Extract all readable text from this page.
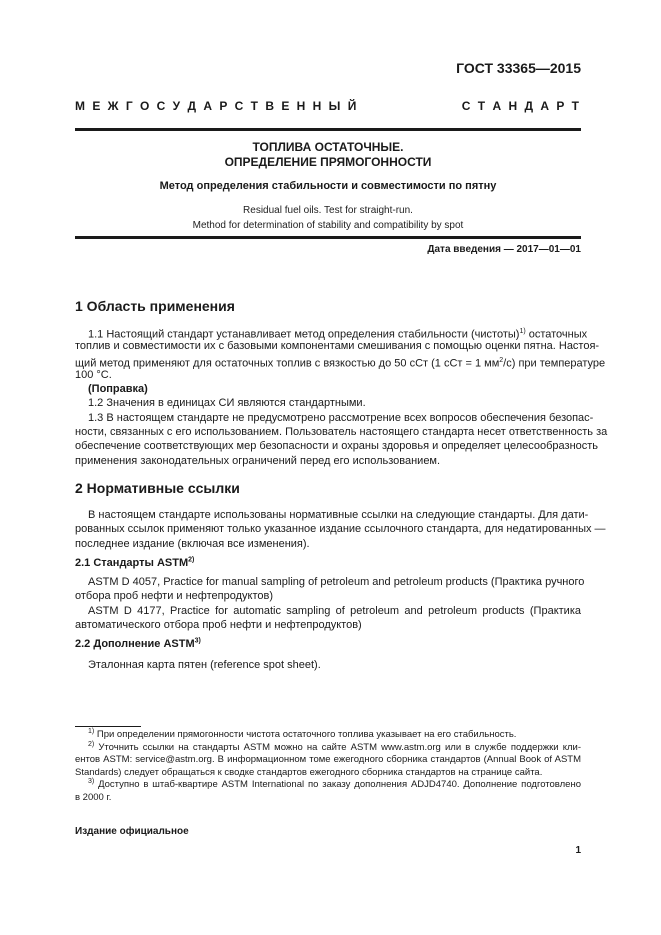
ГОСТ 33365—2015
М Е Ж Г О С У Д А Р С Т В Е Н Н Ы Й	С Т А Н Д А Р Т
ТОПЛИВА ОСТАТОЧНЫЕ.
ОПРЕДЕЛЕНИЕ ПРЯМОГОННОСТИ
Метод определения стабильности и совместимости по пятну
Residual fuel oils. Test for straight-run.
Method for determination of stability and compatibility by spot
Дата введения — 2017—01—01
1 Область применения
1.1 Настоящий стандарт устанавливает метод определения стабильности (чистоты)$^{1)}$ остаточных
топлив и совместимости их с базовыми компонентами смешивания с помощью оценки пятна. Настоя-
щий метод применяют для остаточных топлив с вязкостью до 50 сСт (1 сСт = 1 $мм^2/с$) при температуре
100 °С.
(Поправка)
1.2 Значения в единицах СИ являются стандартными.
1.3 В настоящем стандарте не предусмотрено рассмотрение всех вопросов обеспечения безопас-
ности, связанных с его использованием. Пользователь настоящего стандарта несет ответственность за
обеспечение соответствующих мер безопасности и охраны здоровья и определяет целесообразность
применения законодательных ограничений перед его использованием.
2 Нормативные ссылки
В настоящем стандарте использованы нормативные ссылки на следующие стандарты. Для дати-
рованных ссылок применяют только указанное издание ссылочного стандарта, для недатированных —
последнее издание (включая все изменения).
2.1 Стандарты ASTM$^{2)}$
ASTM D 4057, Practice for manual sampling of petroleum and petroleum products (Практика ручного
отбора проб нефти и нефтепродуктов)
ASTM D 4177, Practice for automatic sampling of petroleum and petroleum products (Практика
автоматического отбора проб нефти и нефтепродуктов)
2.2 Дополнение ASTM$^{3)}$
Эталонная карта пятен (reference spot sheet).
$^{1)}$ При определении прямогонности чистота остаточного топлива указывает на его стабильность.
$^{2)}$ Уточнить ссылки на стандарты ASTM можно на сайте ASTM www.astm.org или в службе поддержки кли-
ентов ASTM: service@astm.org. В информационном томе ежегодного сборника стандартов (Annual Book of ASTM
Standards) следует обращаться к сводке стандартов ежегодного сборника стандартов на странице сайта.
$^{3)}$ Доступно в штаб-квартире ASTM International по заказу дополнения ADJD4740. Дополнение подготовлено
в 2000 г.
Издание официальное
1
